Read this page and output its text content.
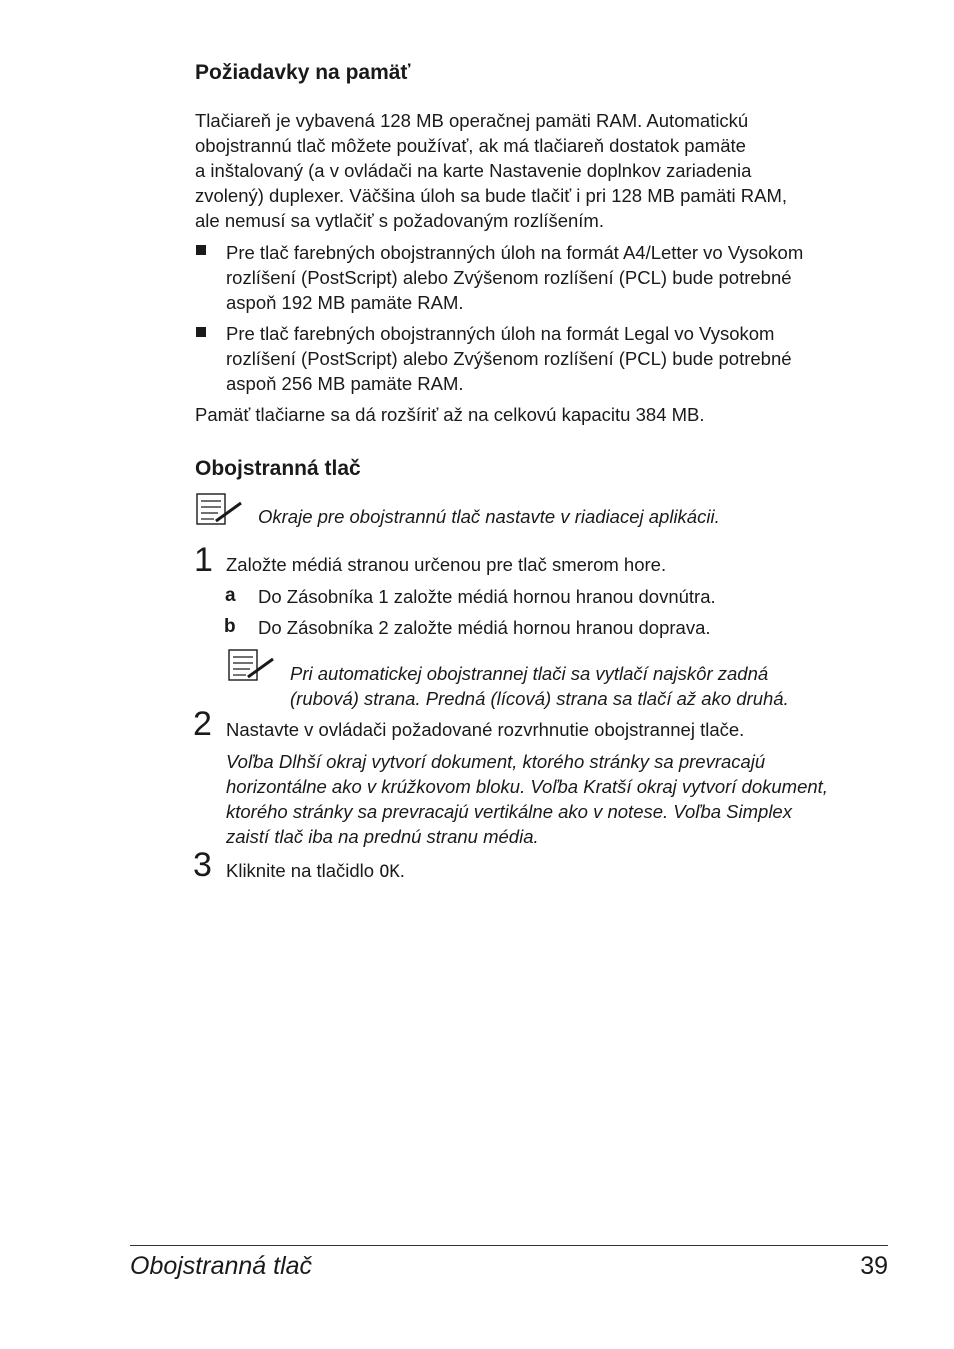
Požiadavky na pamäť
Tlačiareň je vybavená 128 MB operačnej pamäti RAM. Automatickú
obojstrannú tlač môžete používať, ak má tlačiareň dostatok pamäte
a inštalovaný (a v ovládači na karte Nastavenie doplnkov zariadenia
zvolený) duplexer. Väčšina úloh sa bude tlačiť i pri 128 MB pamäti RAM,
ale nemusí sa vytlačiť s požadovaným rozlíšením.
Pre tlač farebných obojstranných úloh na formát A4/Letter vo Vysokom
rozlíšení (PostScript) alebo Zvýšenom rozlíšení (PCL) bude potrebné
aspoň 192 MB pamäte RAM.
Pre tlač farebných obojstranných úloh na formát Legal vo Vysokom
rozlíšení (PostScript) alebo Zvýšenom rozlíšení (PCL) bude potrebné
aspoň 256 MB pamäte RAM.
Pamäť tlačiarne sa dá rozšíriť až na celkovú kapacitu 384 MB.
Obojstranná tlač
Okraje pre obojstrannú tlač nastavte v riadiacej aplikácii.
1 Založte médiá stranou určenou pre tlač smerom hore.
a Do Zásobníka 1 založte médiá hornou hranou dovnútra.
b Do Zásobníka 2 založte médiá hornou hranou doprava.
Pri automatickej obojstrannej tlači sa vytlačí najskôr zadná
(rubová) strana. Predná (lícová) strana sa tlačí až ako druhá.
2 Nastavte v ovládači požadované rozvrhnutie obojstrannej tlače.
Voľba Dlhší okraj vytvorí dokument, ktorého stránky sa prevracajú
horizontálne ako v krúžkovom bloku. Voľba Kratší okraj vytvorí dokument,
ktorého stránky sa prevracajú vertikálne ako v notese. Voľba Simplex
zaistí tlač iba na prednú stranu média.
3 Kliknite na tlačidlo OK.
Obojstranná tlač	39
